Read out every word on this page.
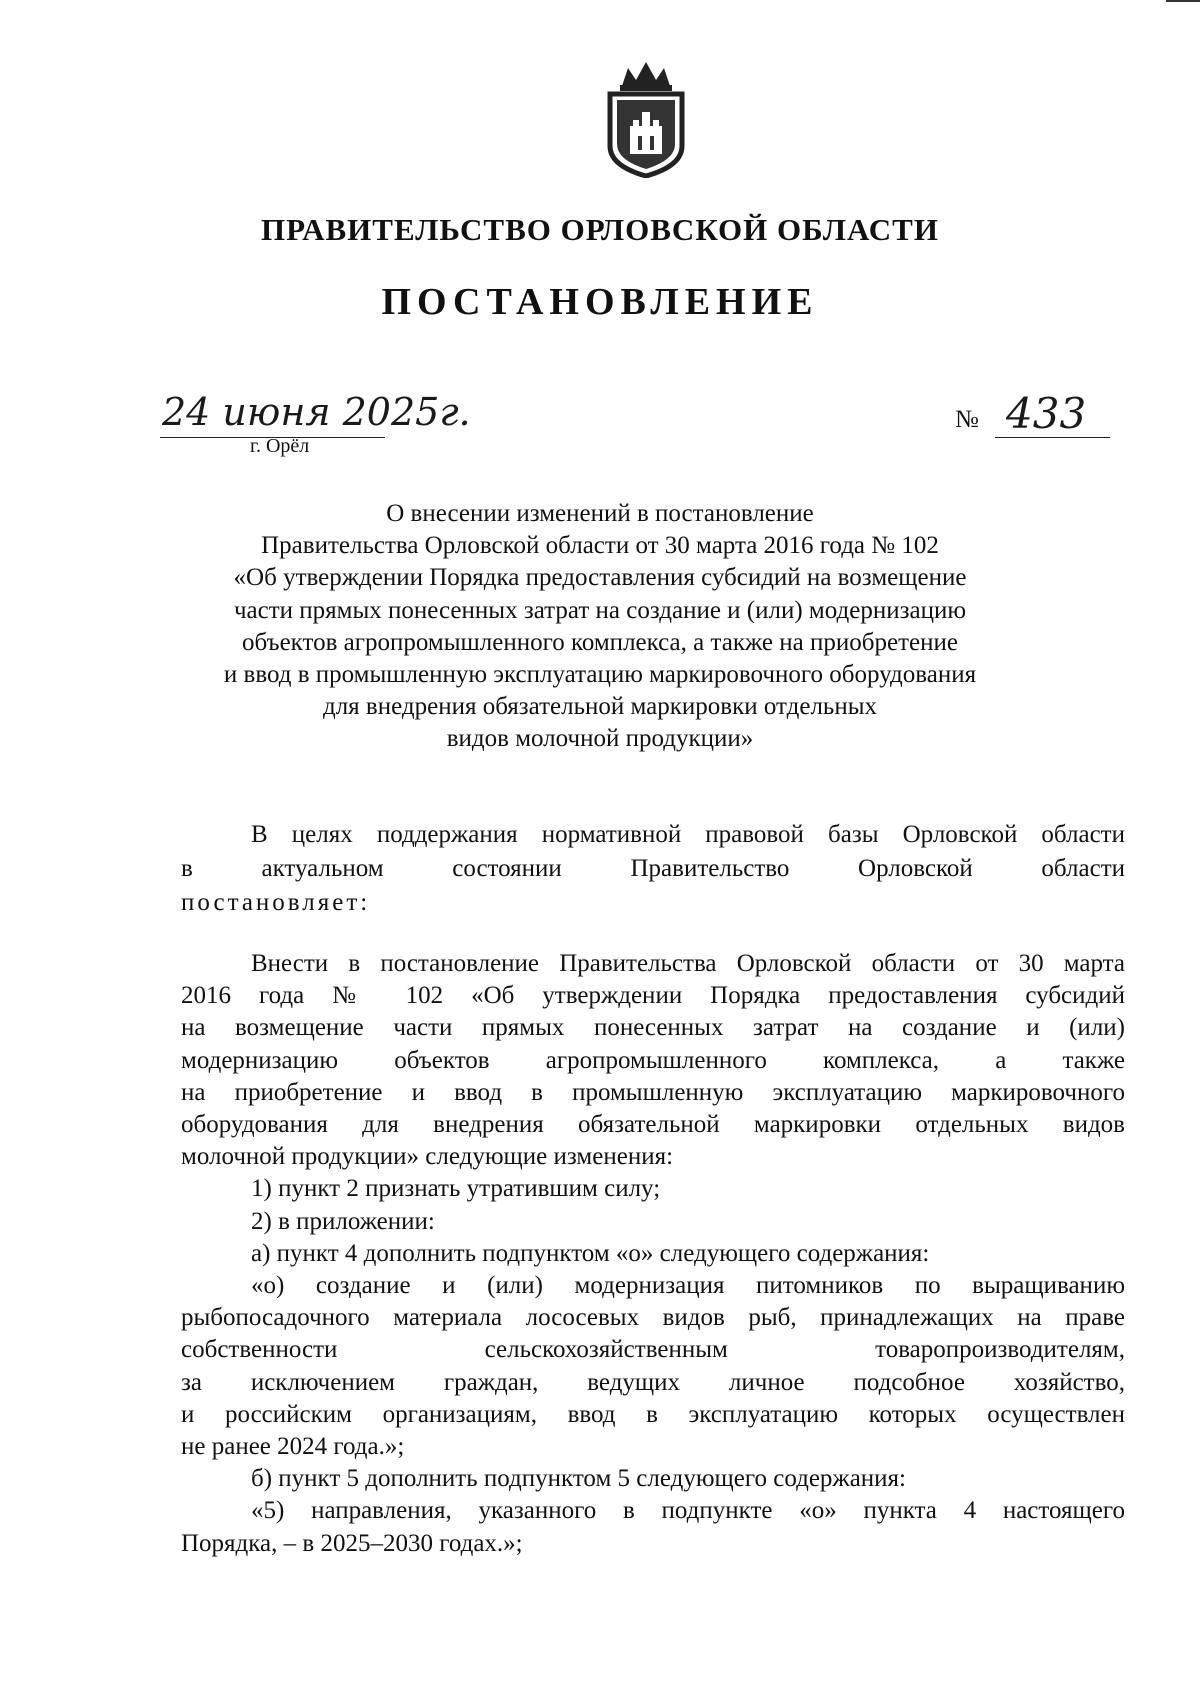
ПРАВИТЕЛЬСТВО ОРЛОВСКОЙ ОБЛАСТИ
ПОСТАНОВЛЕНИЕ
24 июня 2025г.
г. Орёл
№ 433
О внесении изменений в постановление
Правительства Орловской области от 30 марта 2016 года № 102
«Об утверждении Порядка предоставления субсидий на возмещение
части прямых понесенных затрат на создание и (или) модернизацию
объектов агропромышленного комплекса, а также на приобретение
и ввод в промышленную эксплуатацию маркировочного оборудования
для внедрения обязательной маркировки отдельных
видов молочной продукции»
В целях поддержания нормативной правовой базы Орловской области
в актуальном состоянии Правительство Орловской области
постановляет:
Внести в постановление Правительства Орловской области от 30 марта
2016 года № 102 «Об утверждении Порядка предоставления субсидий
на возмещение части прямых понесенных затрат на создание и (или)
модернизацию объектов агропромышленного комплекса, а также
на приобретение и ввод в промышленную эксплуатацию маркировочного
оборудования для внедрения обязательной маркировки отдельных видов
молочной продукции» следующие изменения:
1) пункт 2 признать утратившим силу;
2) в приложении:
а) пункт 4 дополнить подпунктом «о» следующего содержания:
«о) создание и (или) модернизация питомников по выращиванию
рыбопосадочного материала лососевых видов рыб, принадлежащих на праве
собственности сельскохозяйственным товаропроизводителям,
за исключением граждан, ведущих личное подсобное хозяйство,
и российским организациям, ввод в эксплуатацию которых осуществлен
не ранее 2024 года.»;
б) пункт 5 дополнить подпунктом 5 следующего содержания:
«5) направления, указанного в подпункте «о» пункта 4 настоящего
Порядка, – в 2025–2030 годах.»;
